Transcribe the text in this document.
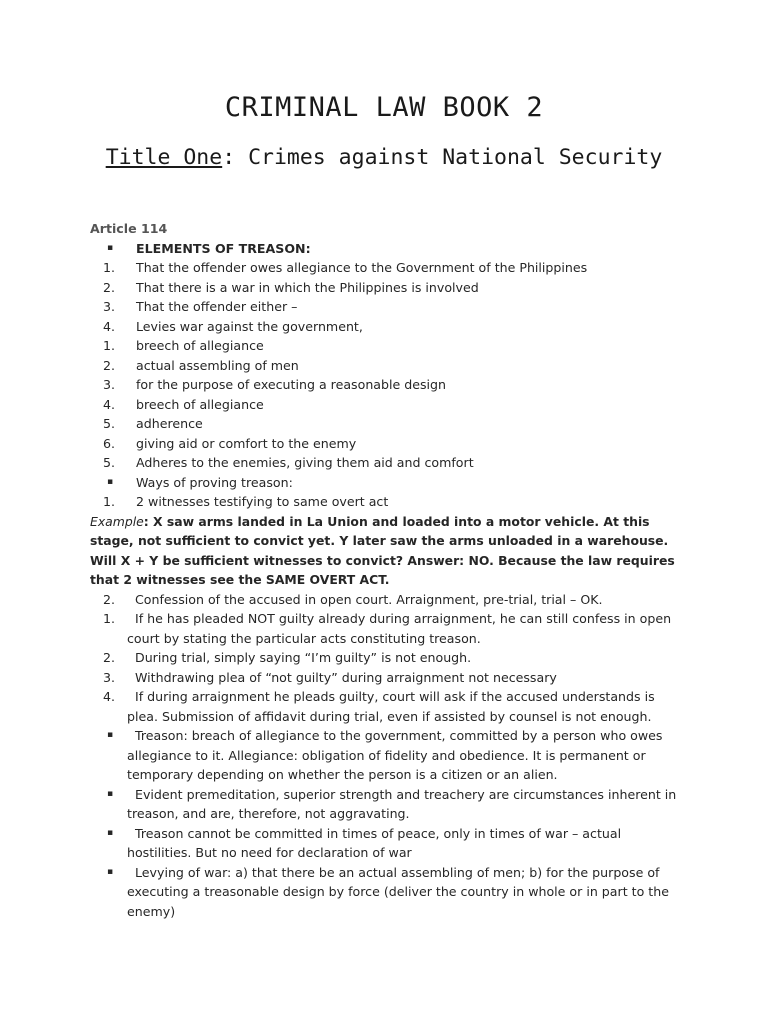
CRIMINAL LAW BOOK 2
Title One: Crimes against National Security
Article 114
▪ ELEMENTS OF TREASON:
1. That the offender owes allegiance to the Government of the Philippines
2. That there is a war in which the Philippines is involved
3. That the offender either –
4. Levies war against the government,
1. breech of allegiance
2. actual assembling of men
3. for the purpose of executing a reasonable design
4. breech of allegiance
5. adherence
6. giving aid or comfort to the enemy
5. Adheres to the enemies, giving them aid and comfort
▪ Ways of proving treason:
1. 2 witnesses testifying to same overt act
Example: X saw arms landed in La Union and loaded into a motor vehicle. At this stage, not sufficient to convict yet. Y later saw the arms unloaded in a warehouse. Will X + Y be sufficient witnesses to convict? Answer: NO. Because the law requires that 2 witnesses see the SAME OVERT ACT.
2.	Confession of the accused in open court. Arraignment, pre-trial, trial – OK.
1.	If he has pleaded NOT guilty already during arraignment, he can still confess in open court by stating the particular acts constituting treason.
2.	During trial, simply saying “I’m guilty” is not enough.
3.	Withdrawing plea of “not guilty” during arraignment not necessary
4.	If during arraignment he pleads guilty, court will ask if the accused understands is plea. Submission of affidavit during trial, even if assisted by counsel is not enough.
▪	Treason: breach of allegiance to the government, committed by a person who owes allegiance to it. Allegiance: obligation of fidelity and obedience. It is permanent or temporary depending on whether the person is a citizen or an alien.
▪	Evident premeditation, superior strength and treachery are circumstances inherent in treason, and are, therefore, not aggravating.
▪	Treason cannot be committed in times of peace, only in times of war – actual hostilities. But no need for declaration of war
▪	Levying of war: a) that there be an actual assembling of men; b) for the purpose of executing a treasonable design by force (deliver the country in whole or in part to the enemy)
